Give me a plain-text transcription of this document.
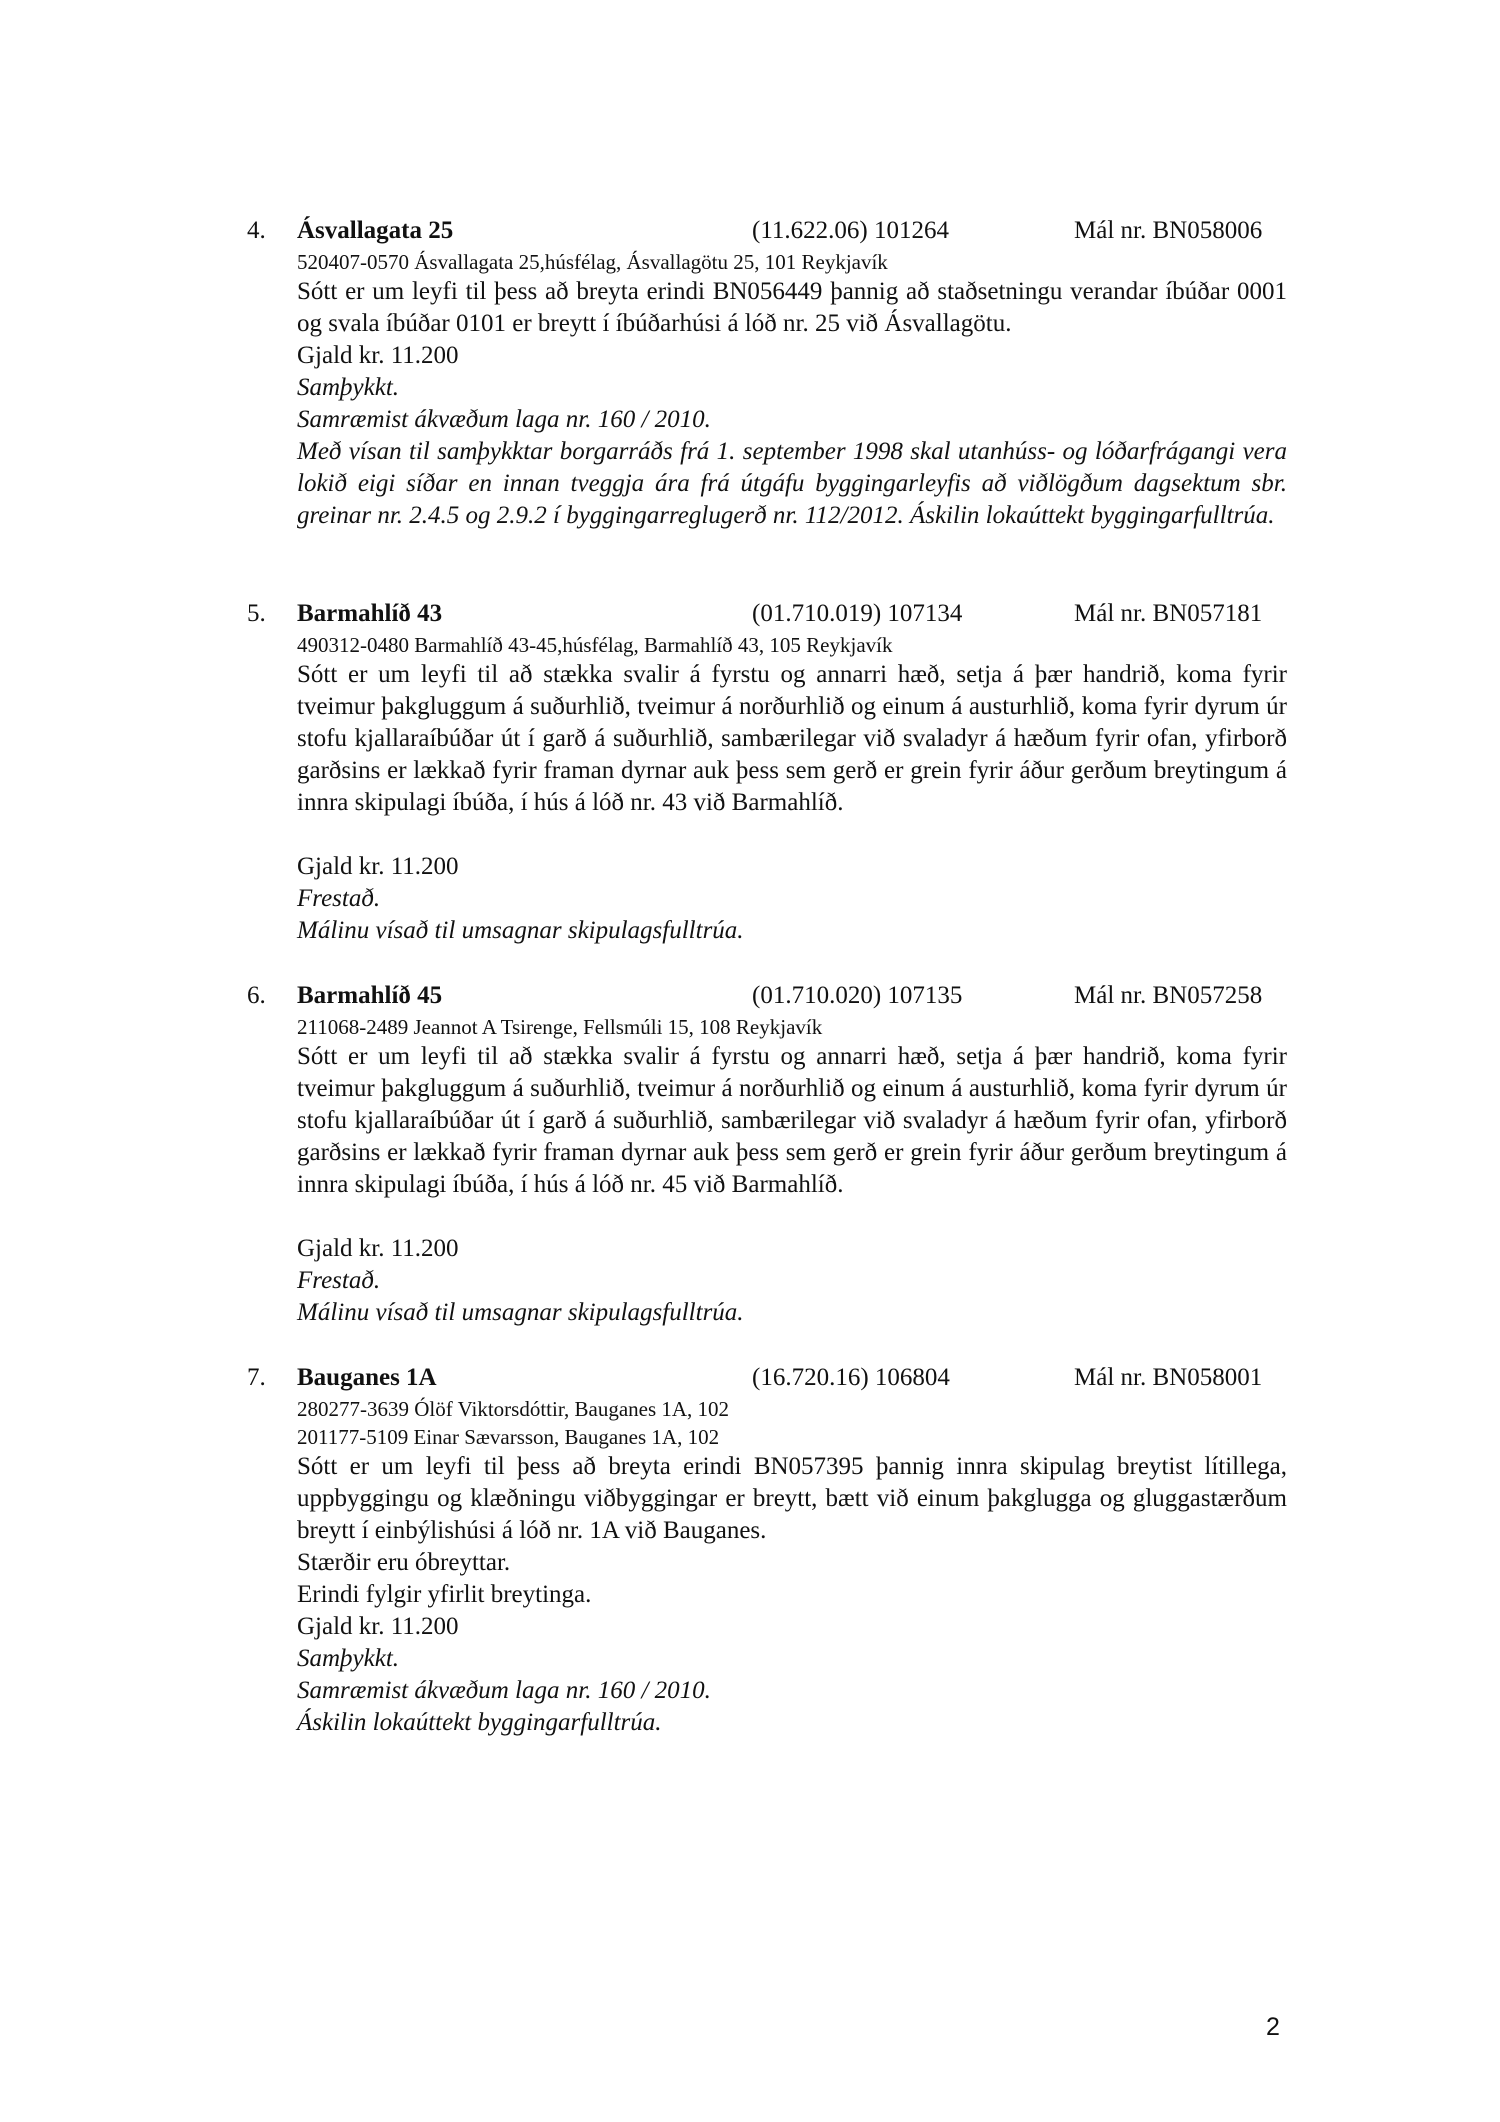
4. Ásvallagata 25	(11.622.06) 101264	Mál nr. BN058006
520407-0570 Ásvallagata 25,húsfélag, Ásvallagötu 25, 101 Reykjavík
Sótt er um leyfi til þess að breyta erindi BN056449 þannig að staðsetningu verandar íbúðar 0001 og svala íbúðar 0101 er breytt í íbúðarhúsi á lóð nr. 25 við Ásvallagötu.
Gjald kr. 11.200
Samþykkt.
Samræmist ákvæðum laga nr. 160 / 2010.
Með vísan til samþykktar borgarráðs frá 1. september 1998 skal utanhúss- og lóðarfrágangi vera lokið eigi síðar en innan tveggja ára frá útgáfu byggingarleyfis að viðlögðum dagsektum sbr. greinar nr. 2.4.5 og 2.9.2 í byggingarreglugerð nr. 112/2012. Áskilin lokaúttekt byggingarfulltrúa.
5. Barmahlíð 43	(01.710.019) 107134	Mál nr. BN057181
490312-0480 Barmahlíð 43-45,húsfélag, Barmahlíð 43, 105 Reykjavík
Sótt er um leyfi til að stækka svalir á fyrstu og annarri hæð, setja á þær handrið, koma fyrir tveimur þakgluggum á suðurhlið, tveimur á norðurhlið og einum á austurhlið, koma fyrir dyrum úr stofu kjallaraíbúðar út í garð á suðurhlið, sambærilegar við svaladyr á hæðum fyrir ofan, yfirborð garðsins er lækkað fyrir framan dyrnar auk þess sem gerð er grein fyrir áður gerðum breytingum á innra skipulagi íbúða, í hús á lóð nr. 43 við Barmahlíð.
Gjald kr. 11.200
Frestað.
Málinu vísað til umsagnar skipulagsfulltrúa.
6. Barmahlíð 45	(01.710.020) 107135	Mál nr. BN057258
211068-2489 Jeannot A Tsirenge, Fellsmúli 15, 108 Reykjavík
Sótt er um leyfi til að stækka svalir á fyrstu og annarri hæð, setja á þær handrið, koma fyrir tveimur þakgluggum á suðurhlið, tveimur á norðurhlið og einum á austurhlið, koma fyrir dyrum úr stofu kjallaraíbúðar út í garð á suðurhlið, sambærilegar við svaladyr á hæðum fyrir ofan, yfirborð garðsins er lækkað fyrir framan dyrnar auk þess sem gerð er grein fyrir áður gerðum breytingum á innra skipulagi íbúða, í hús á lóð nr. 45 við Barmahlíð.
Gjald kr. 11.200
Frestað.
Málinu vísað til umsagnar skipulagsfulltrúa.
7. Bauganes 1A	(16.720.16) 106804	Mál nr. BN058001
280277-3639 Ólöf Viktorsdóttir, Bauganes 1A, 102
201177-5109 Einar Sævarsson, Bauganes 1A, 102
Sótt er um leyfi til þess að breyta erindi BN057395 þannig innra skipulag breytist lítillega, uppbyggingu og klæðningu viðbyggingar er breytt, bætt við einum þakglugga og gluggastærðum breytt í einbýlishúsi á lóð nr. 1A við Bauganes.
Stærðir eru óbreyttar.
Erindi fylgir yfirlit breytinga.
Gjald kr. 11.200
Samþykkt.
Samræmist ákvæðum laga nr. 160 / 2010.
Áskilin lokaúttekt byggingarfulltrúa.
2
